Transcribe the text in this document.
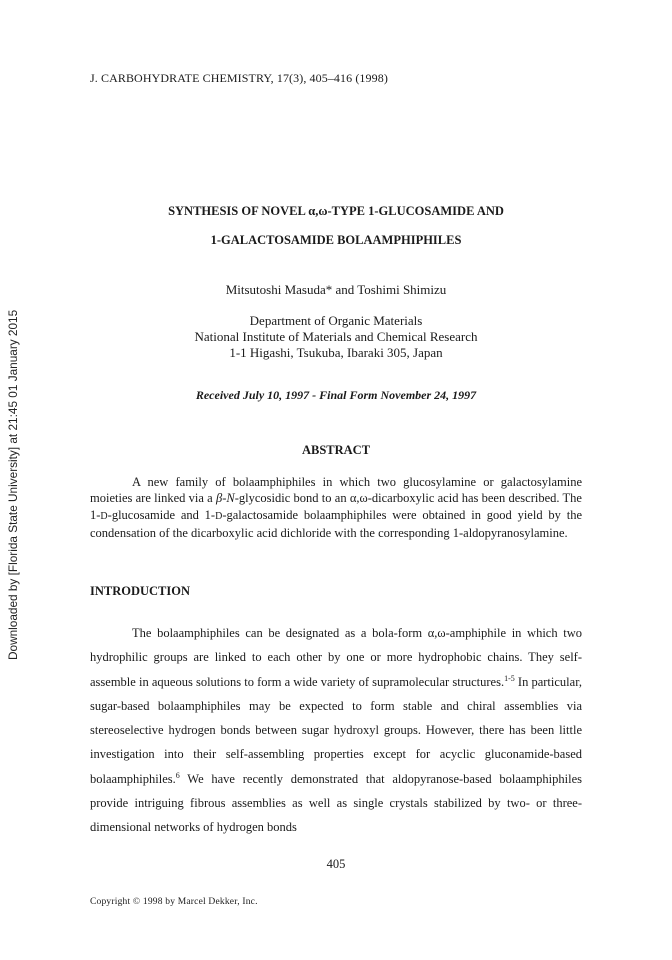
Downloaded by [Florida State University] at 21:45 01 January 2015
J. CARBOHYDRATE CHEMISTRY, 17(3), 405–416 (1998)
SYNTHESIS OF NOVEL α,ω-TYPE 1-GLUCOSAMIDE AND
1-GALACTOSAMIDE BOLAAMPHIPHILES
Mitsutoshi Masuda* and Toshimi Shimizu
Department of Organic Materials
National Institute of Materials and Chemical Research
1-1 Higashi, Tsukuba, Ibaraki 305, Japan
Received July 10, 1997 - Final Form November 24, 1997
ABSTRACT

A new family of bolaamphiphiles in which two glucosylamine or galactosylamine moieties are linked via a β-N-glycosidic bond to an α,ω-dicarboxylic acid has been described. The 1-D-glucosamide and 1-D-galactosamide bolaamphiphiles were obtained in good yield by the condensation of the dicarboxylic acid dichloride with the corresponding 1-aldopyranosylamine.

INTRODUCTION

The bolaamphiphiles can be designated as a bola-form α,ω-amphiphile in which two hydrophilic groups are linked to each other by one or more hydrophobic chains. They self-assemble in aqueous solutions to form a wide variety of supramolecular structures.$^{1-5}$ In particular, sugar-based bolaamphiphiles may be expected to form stable and chiral assemblies via stereoselective hydrogen bonds between sugar hydroxyl groups. However, there has been little investigation into their self-assembling properties except for acyclic gluconamide-based bolaamphiphiles.$^6$ We have recently demonstrated that aldopyranose-based bolaamphiphiles provide intriguing fibrous assemblies as well as single crystals stabilized by two- or three-dimensional networks of hydrogen bonds

405
Copyright © 1998 by Marcel Dekker, Inc.
